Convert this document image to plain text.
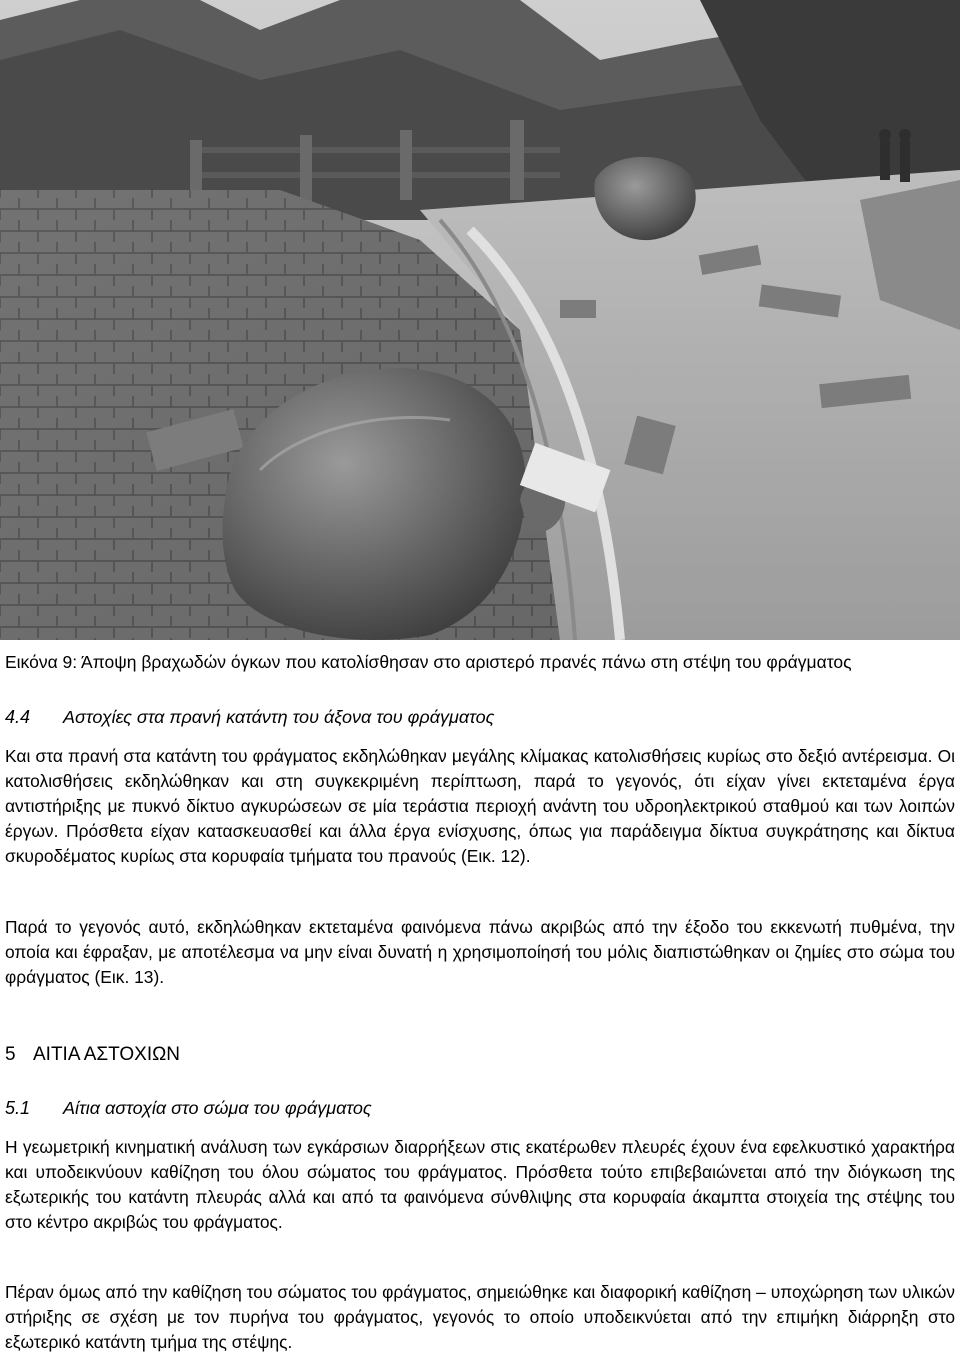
Εικόνα 9: Άποψη βραχωδών όγκων που κατολίσθησαν στο αριστερό πρανές πάνω στη στέψη του φράγματος
4.4 Αστοχίες στα πρανή κατάντη του άξονα του φράγματος

Και στα πρανή στα κατάντη του φράγματος εκδηλώθηκαν μεγάλης κλίμακας κατολισθήσεις κυρίως στο δεξιό αντέρεισμα. Οι κατολισθήσεις εκδηλώθηκαν και στη συγκεκριμένη περίπτωση, παρά το γεγονός, ότι είχαν γίνει εκτεταμένα έργα αντιστήριξης με πυκνό δίκτυο αγκυρώσεων σε μία τεράστια περιοχή ανάντη του υδροηλεκτρικού σταθμού και των λοιπών έργων. Πρόσθετα είχαν κατασκευασθεί και άλλα έργα ενίσχυσης, όπως για παράδειγμα δίκτυα συγκράτησης και δίκτυα σκυροδέματος κυρίως στα κορυφαία τμήματα του πρανούς (Εικ. 12).

Παρά το γεγονός αυτό, εκδηλώθηκαν εκτεταμένα φαινόμενα πάνω ακριβώς από την έξοδο του εκκενωτή πυθμένα, την οποία και έφραξαν, με αποτέλεσμα να μην είναι δυνατή η χρησιμοποίησή του μόλις διαπιστώθηκαν οι ζημίες στο σώμα του φράγματος (Εικ. 13).

5 ΑΙΤΙΑ ΑΣΤΟΧΙΩΝ
5.1 Αίτια αστοχία στο σώμα του φράγματος

Η γεωμετρική κινηματική ανάλυση των εγκάρσιων διαρρήξεων στις εκατέρωθεν πλευρές έχουν ένα εφελκυστικό χαρακτήρα και υποδεικνύουν καθίζηση του όλου σώματος του φράγματος. Πρόσθετα τούτο επιβεβαιώνεται από την διόγκωση της εξωτερικής του κατάντη πλευράς αλλά και από τα φαινόμενα σύνθλιψης στα κορυφαία άκαμπτα στοιχεία της στέψης του στο κέντρο ακριβώς του φράγματος.

Πέραν όμως από την καθίζηση του σώματος του φράγματος, σημειώθηκε και διαφορική καθίζηση – υποχώρηση των υλικών στήριξης σε σχέση με τον πυρήνα του φράγματος, γεγονός το οποίο υποδεικνύεται από την επιμήκη διάρρηξη στο εξωτερικό κατάντη τμήμα της στέψης.
